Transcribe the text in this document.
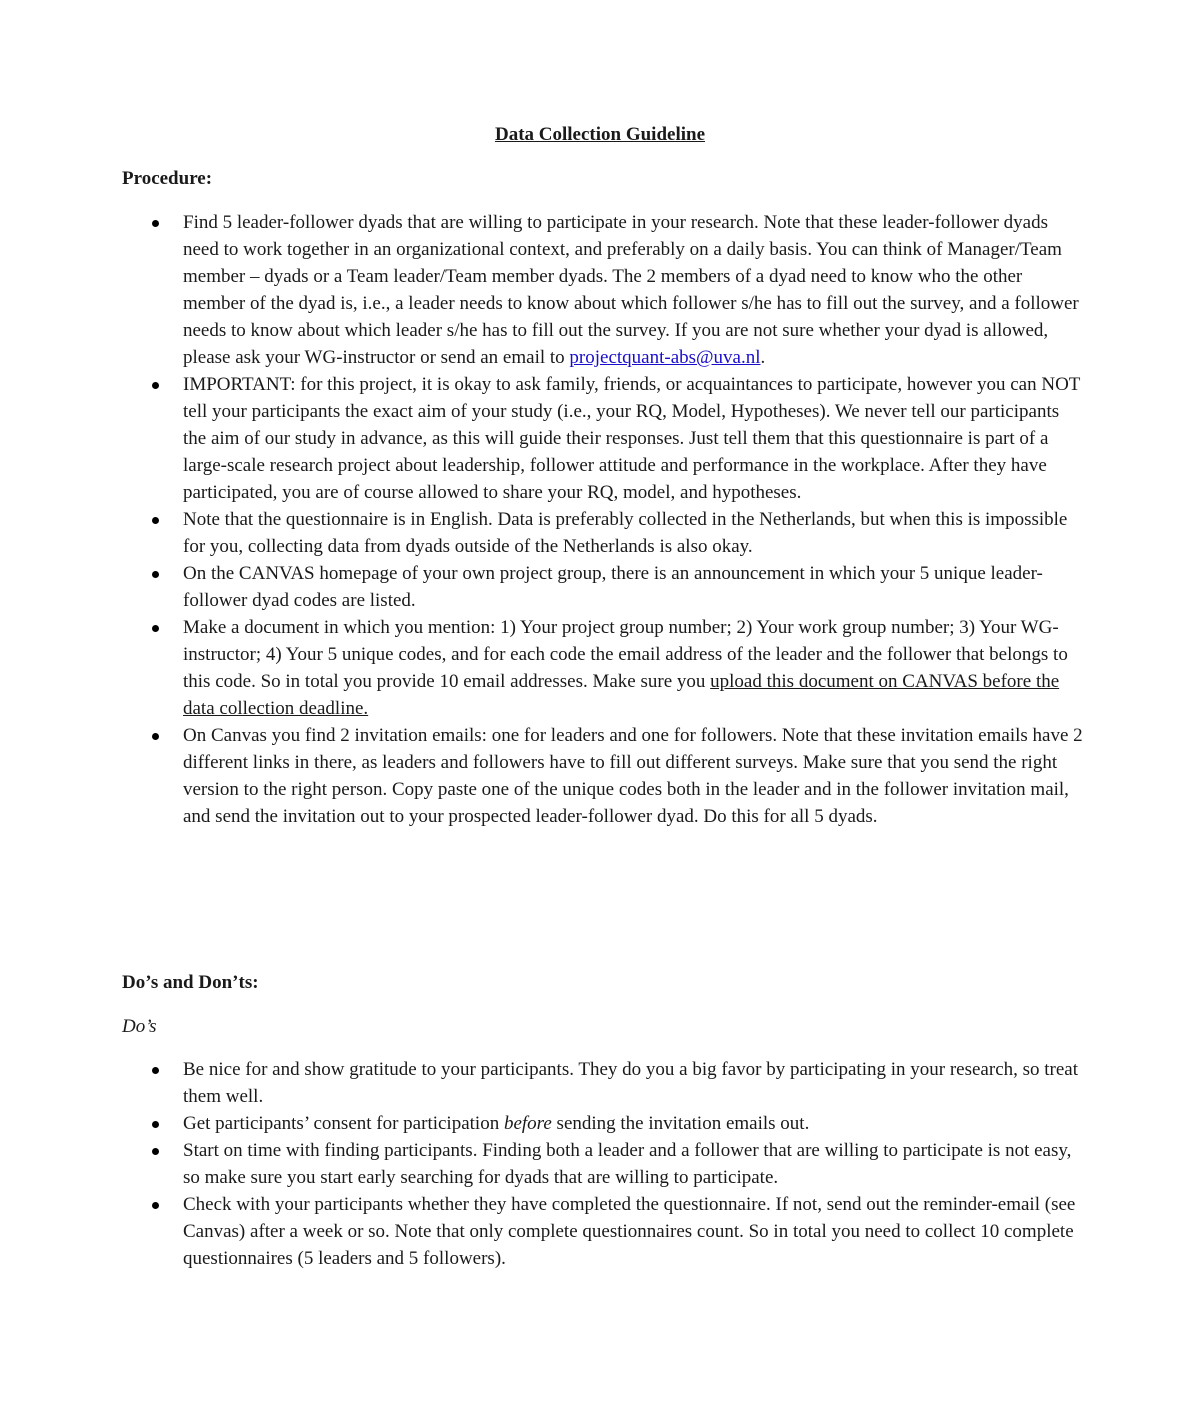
Data Collection Guideline
Procedure:
Find 5 leader-follower dyads that are willing to participate in your research. Note that these leader-follower dyads need to work together in an organizational context, and preferably on a daily basis. You can think of Manager/Team member – dyads or a Team leader/Team member dyads. The 2 members of a dyad need to know who the other member of the dyad is, i.e., a leader needs to know about which follower s/he has to fill out the survey, and a follower needs to know about which leader s/he has to fill out the survey. If you are not sure whether your dyad is allowed, please ask your WG-instructor or send an email to projectquant-abs@uva.nl.
IMPORTANT: for this project, it is okay to ask family, friends, or acquaintances to participate, however you can NOT tell your participants the exact aim of your study (i.e., your RQ, Model, Hypotheses). We never tell our participants the aim of our study in advance, as this will guide their responses. Just tell them that this questionnaire is part of a large-scale research project about leadership, follower attitude and performance in the workplace. After they have participated, you are of course allowed to share your RQ, model, and hypotheses.
Note that the questionnaire is in English. Data is preferably collected in the Netherlands, but when this is impossible for you, collecting data from dyads outside of the Netherlands is also okay.
On the CANVAS homepage of your own project group, there is an announcement in which your 5 unique leader-follower dyad codes are listed.
Make a document in which you mention: 1) Your project group number; 2) Your work group number; 3) Your WG-instructor; 4) Your 5 unique codes, and for each code the email address of the leader and the follower that belongs to this code. So in total you provide 10 email addresses. Make sure you upload this document on CANVAS before the data collection deadline.
On Canvas you find 2 invitation emails: one for leaders and one for followers. Note that these invitation emails have 2 different links in there, as leaders and followers have to fill out different surveys. Make sure that you send the right version to the right person. Copy paste one of the unique codes both in the leader and in the follower invitation mail, and send the invitation out to your prospected leader-follower dyad. Do this for all 5 dyads.
Do’s and Don’ts:
Do’s
Be nice for and show gratitude to your participants. They do you a big favor by participating in your research, so treat them well.
Get participants’ consent for participation before sending the invitation emails out.
Start on time with finding participants. Finding both a leader and a follower that are willing to participate is not easy, so make sure you start early searching for dyads that are willing to participate.
Check with your participants whether they have completed the questionnaire. If not, send out the reminder-email (see Canvas) after a week or so. Note that only complete questionnaires count. So in total you need to collect 10 complete questionnaires (5 leaders and 5 followers).
